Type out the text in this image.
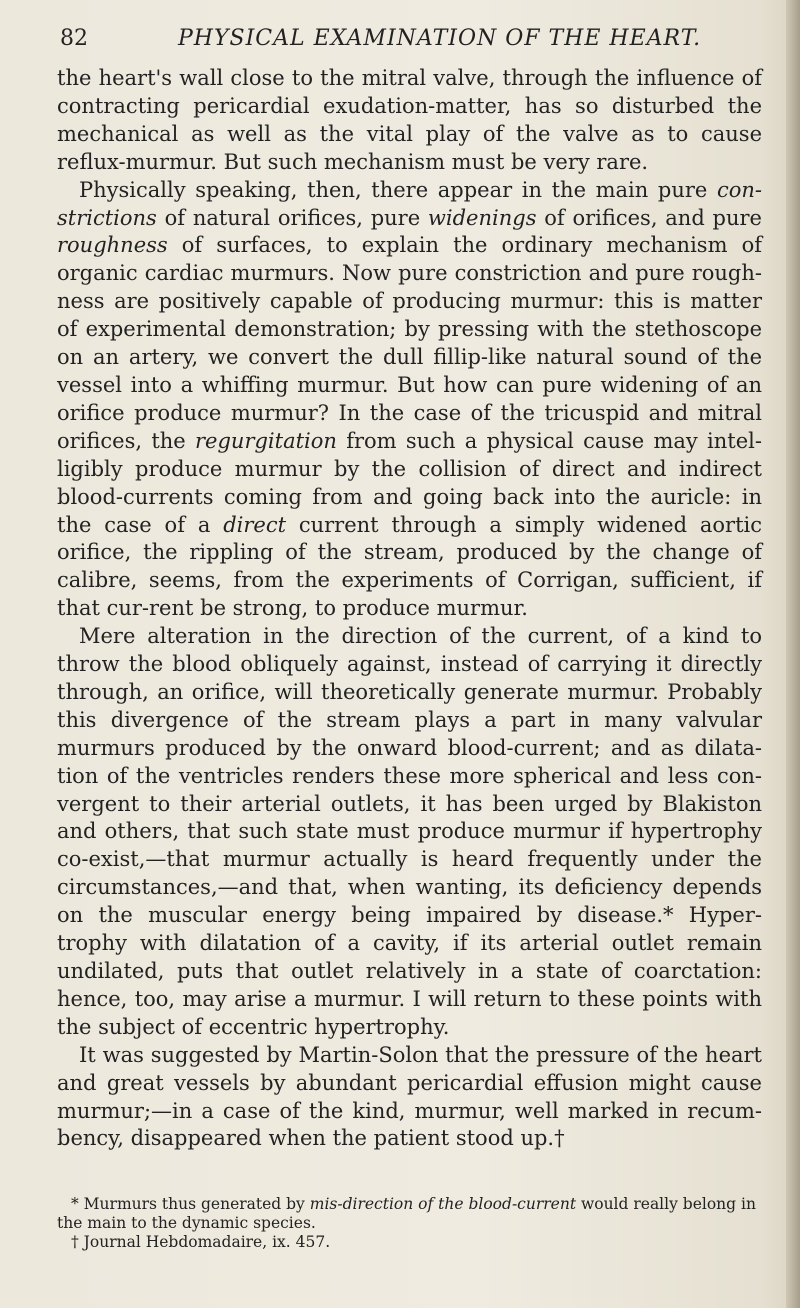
82	PHYSICAL EXAMINATION OF THE HEART.

the heart's wall close to the mitral valve, through the influence of contracting pericardial exudation-matter, has so disturbed the mechanical as well as the vital play of the valve as to cause reflux-murmur. But such mechanism must be very rare.

Physically speaking, then, there appear in the main pure con-strictions of natural orifices, pure widenings of orifices, and pure roughness of surfaces, to explain the ordinary mechanism of organic cardiac murmurs. Now pure constriction and pure rough-ness are positively capable of producing murmur: this is matter of experimental demonstration; by pressing with the stethoscope on an artery, we convert the dull fillip-like natural sound of the vessel into a whiffing murmur. But how can pure widening of an orifice produce murmur? In the case of the tricuspid and mitral orifices, the regurgitation from such a physical cause may intel-ligibly produce murmur by the collision of direct and indirect blood-currents coming from and going back into the auricle: in the case of a direct current through a simply widened aortic orifice, the rippling of the stream, produced by the change of calibre, seems, from the experiments of Corrigan, sufficient, if that cur-rent be strong, to produce murmur.

Mere alteration in the direction of the current, of a kind to throw the blood obliquely against, instead of carrying it directly through, an orifice, will theoretically generate murmur. Probably this divergence of the stream plays a part in many valvular murmurs produced by the onward blood-current; and as dilata-tion of the ventricles renders these more spherical and less con-vergent to their arterial outlets, it has been urged by Blakiston and others, that such state must produce murmur if hypertrophy co-exist,—that murmur actually is heard frequently under the circumstances,—and that, when wanting, its deficiency depends on the muscular energy being impaired by disease.* Hyper-trophy with dilatation of a cavity, if its arterial outlet remain undilated, puts that outlet relatively in a state of coarctation: hence, too, may arise a murmur. I will return to these points with the subject of eccentric hypertrophy.

It was suggested by Martin-Solon that the pressure of the heart and great vessels by abundant pericardial effusion might cause murmur;—in a case of the kind, murmur, well marked in recum-bency, disappeared when the patient stood up.†

* Murmurs thus generated by mis-direction of the blood-current would really belong in the main to the dynamic species.

† Journal Hebdomadaire, ix. 457.
